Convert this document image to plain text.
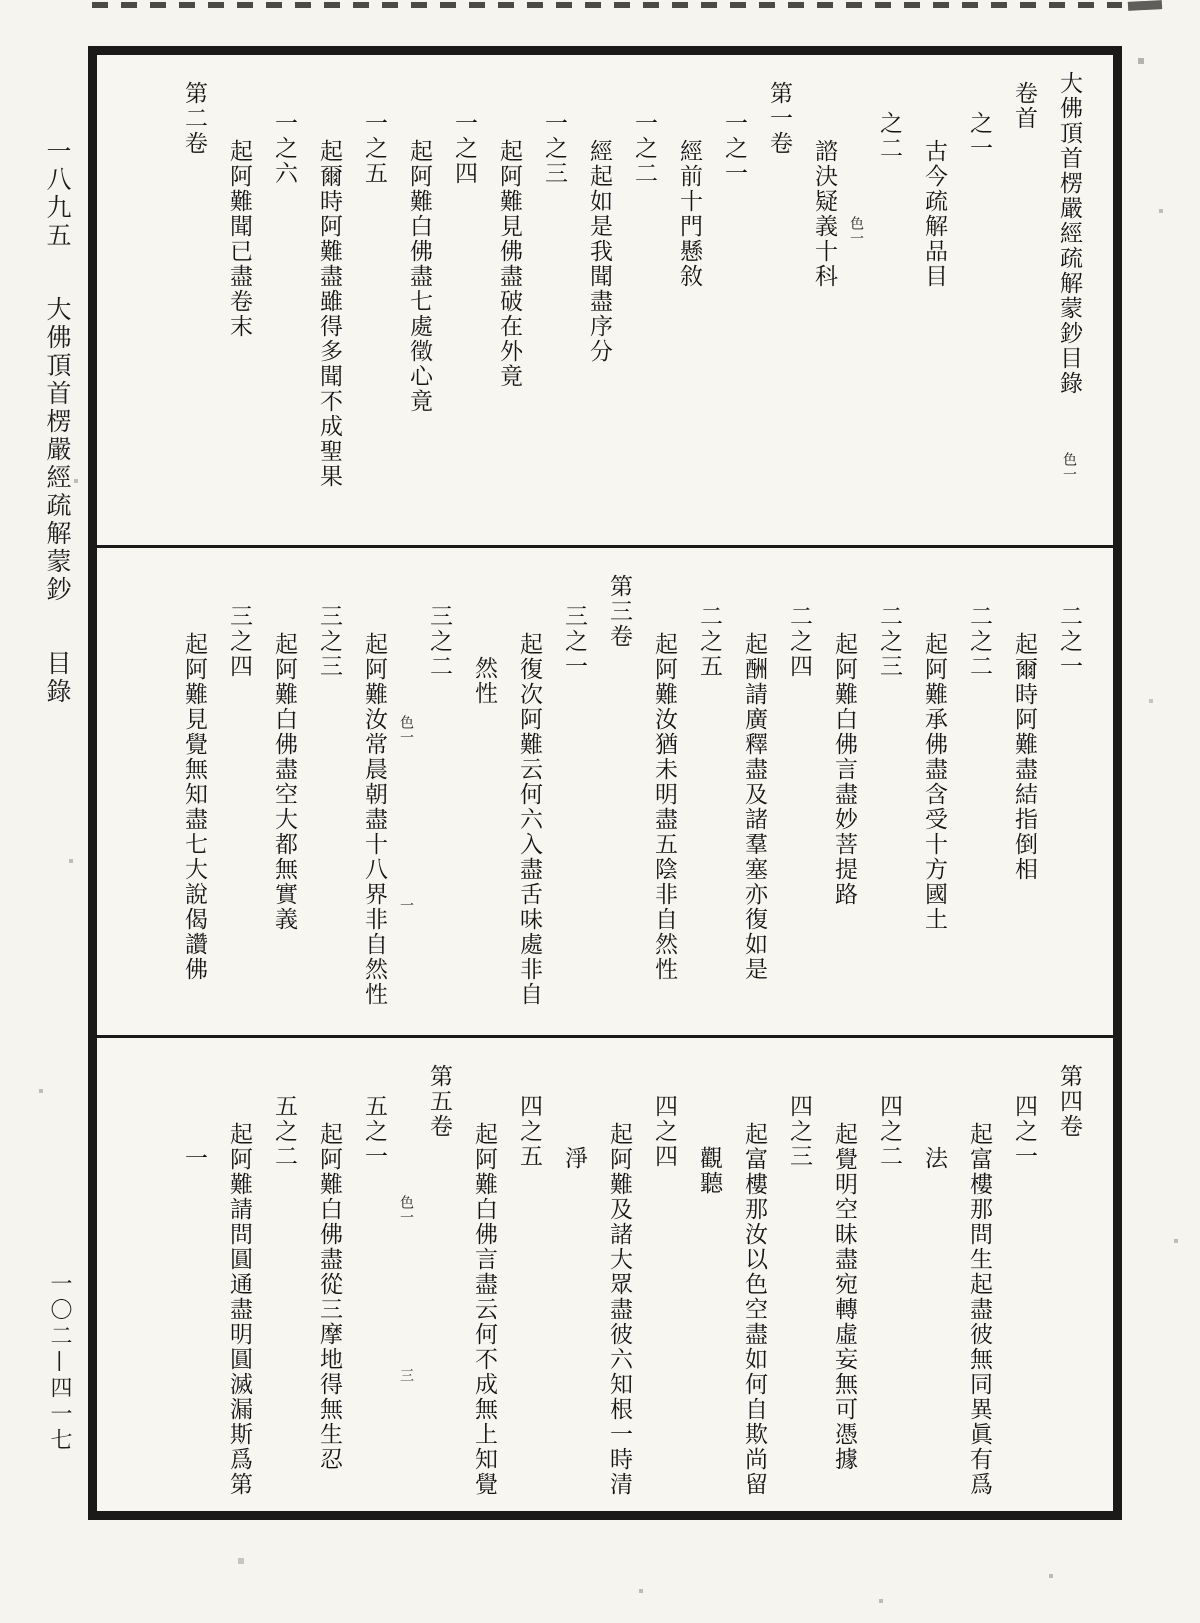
一八九五 大佛頂首楞嚴經疏解蒙鈔 目錄
一〇二—四一七
大佛頂首楞嚴經疏解蒙鈔目錄色一
卷首
之一
古今疏解品目
之二
色一
諮決疑義十科
第一卷
一之一
經前十門懸敘
一之二
經起如是我聞盡序分
一之三
起阿難見佛盡破在外竟
一之四
起阿難白佛盡七處徵心竟
一之五
起爾時阿難盡雖得多聞不成聖果
一之六
起阿難聞已盡卷末
第二卷
二之一
起爾時阿難盡結指倒相
二之二
起阿難承佛盡含受十方國土
二之三
起阿難白佛言盡妙菩提路
二之四
起酬請廣釋盡及諸羣塞亦復如是
二之五
起阿難汝猶未明盡五陰非自然性
第三卷
三之一
起復次阿難云何六入盡舌味處非自
然性
三之二
色一
一
起阿難汝常晨朝盡十八界非自然性
三之三
起阿難白佛盡空大都無實義
三之四
起阿難見覺無知盡七大說偈讚佛
第四卷
四之一
起富樓那問生起盡彼無同異眞有爲
法
四之二
起覺明空昧盡宛轉虛妄無可憑據
四之三
起富樓那汝以色空盡如何自欺尚留
觀聽
四之四
起阿難及諸大眾盡彼六知根一時清
淨
四之五
起阿難白佛言盡云何不成無上知覺
第五卷
色一
三
五之一
起阿難白佛盡從三摩地得無生忍
五之二
起阿難請問圓通盡明圓滅漏斯爲第
一
